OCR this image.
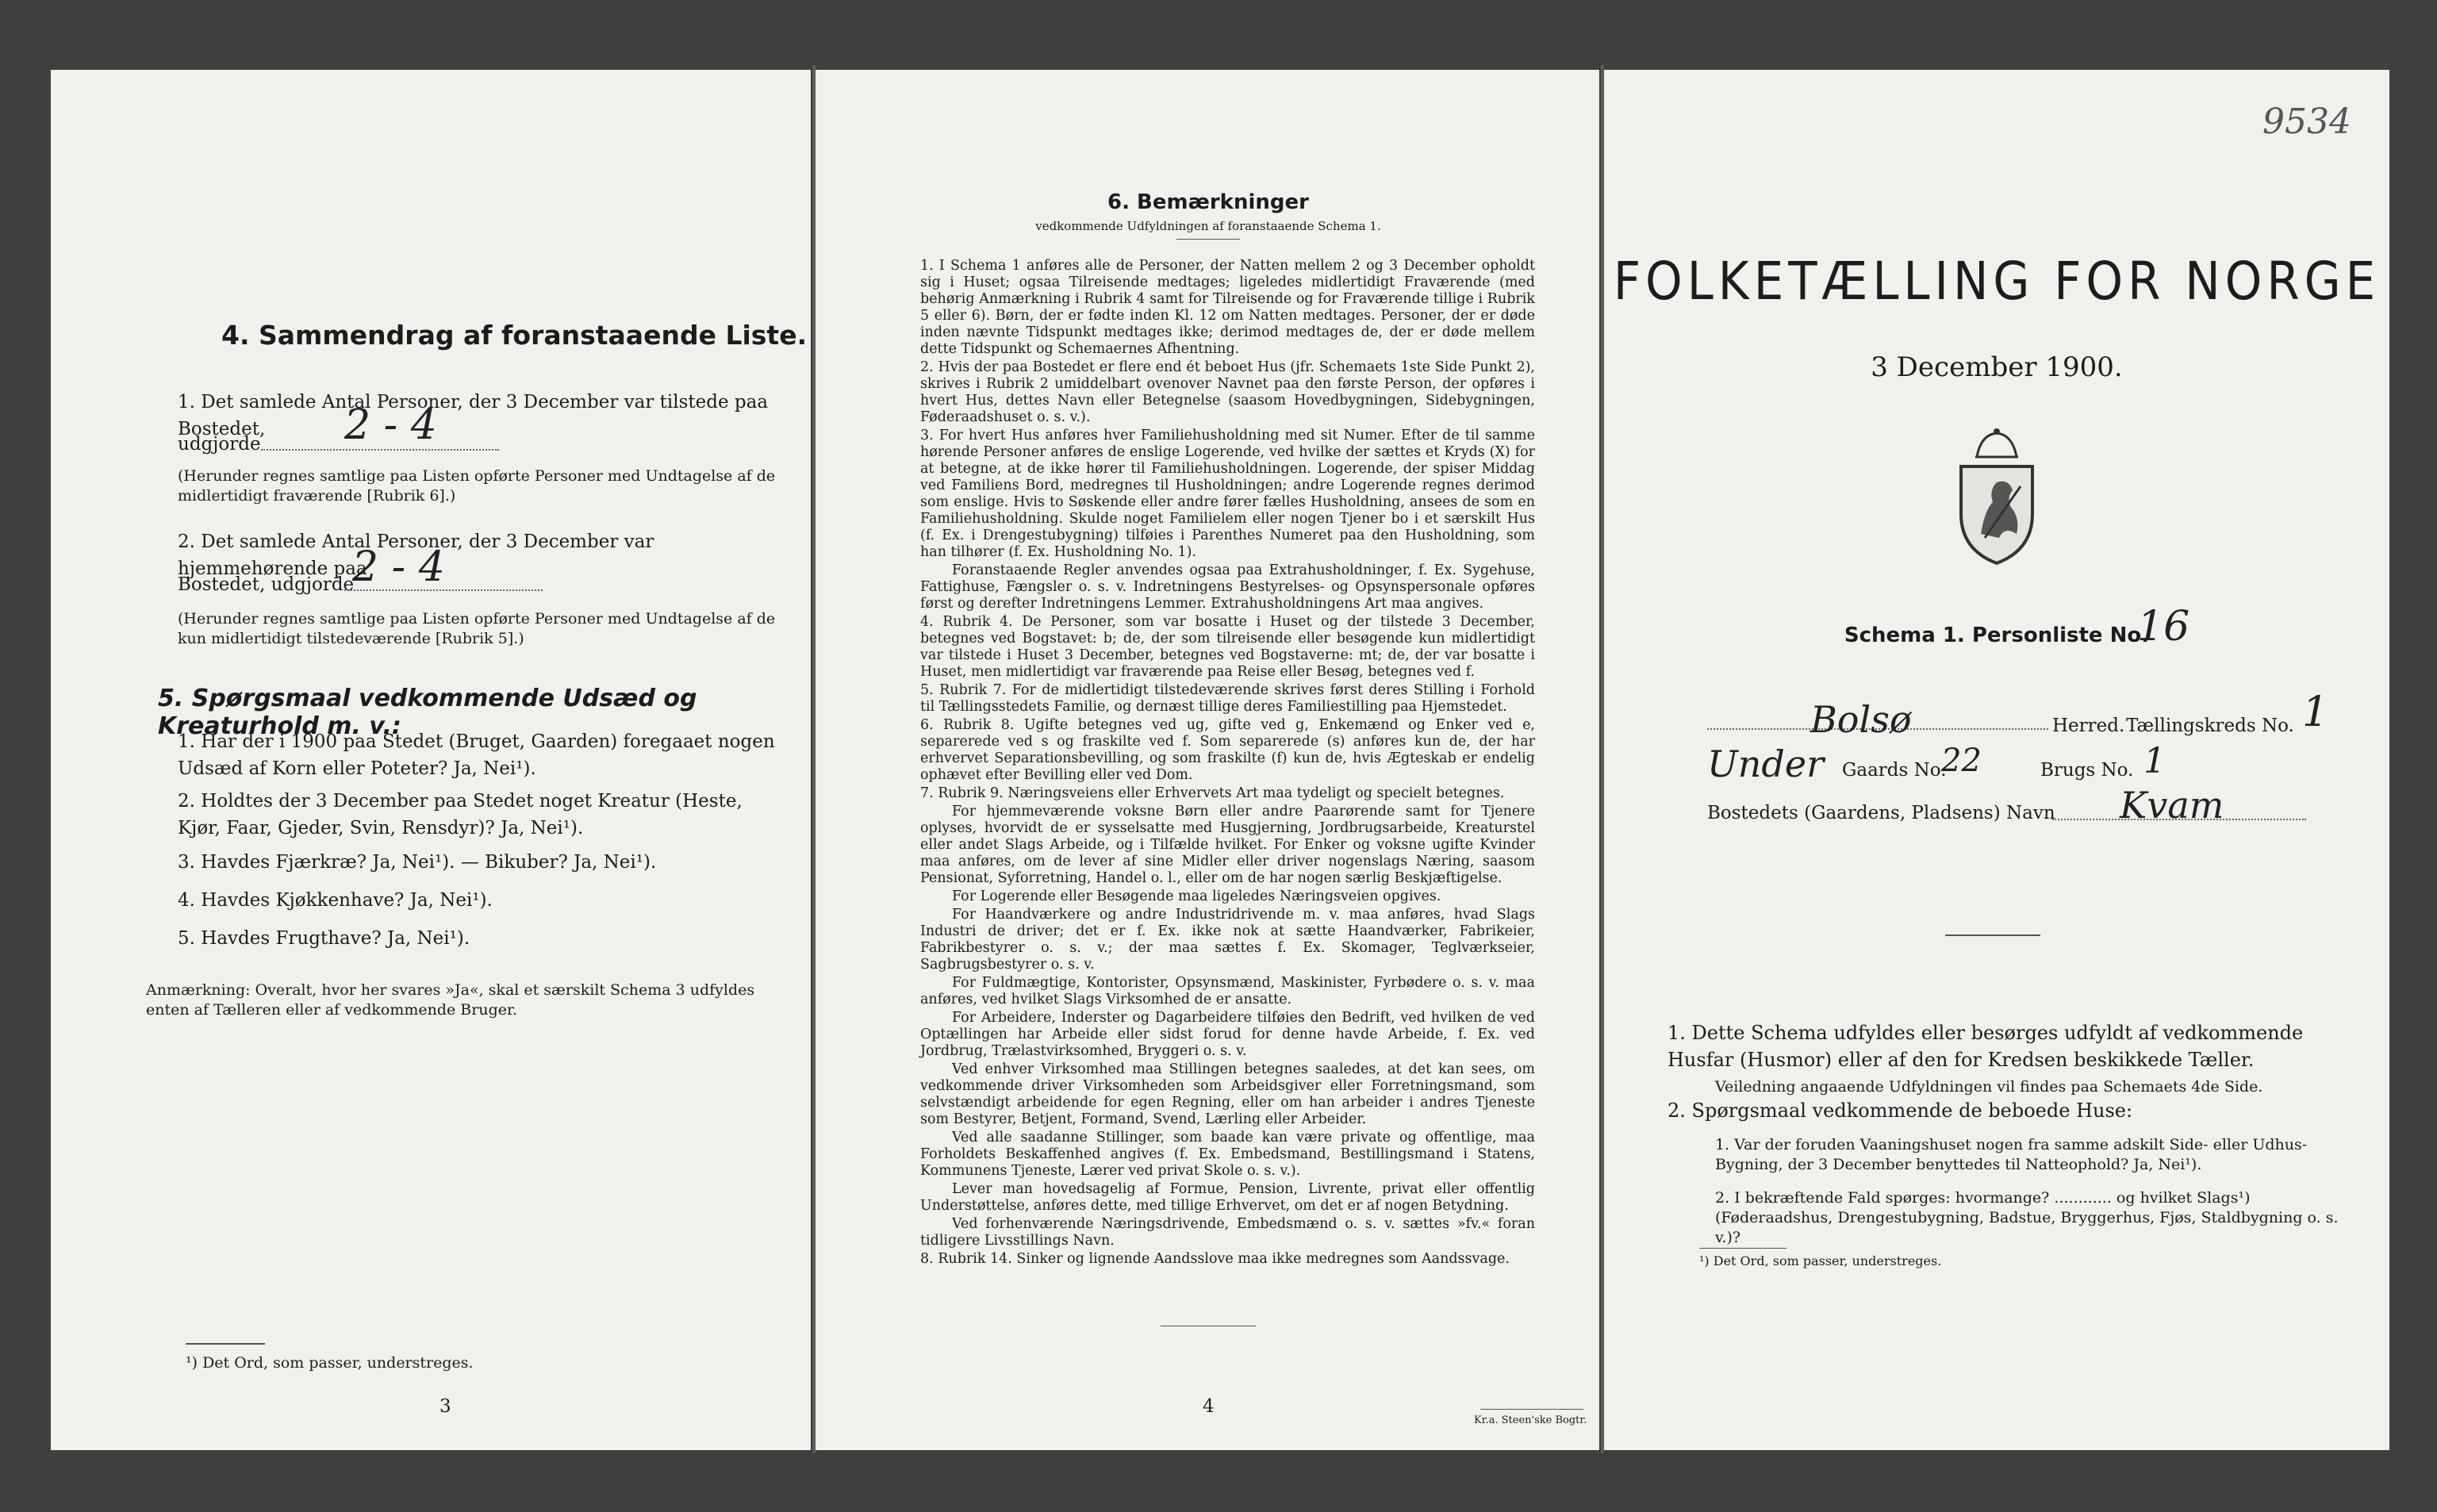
4. Sammendrag af foranstaaende Liste.
1. Det samlede Antal Personer, der 3 December var tilstede paa Bostedet,
udgjorde 2 - 4
(Herunder regnes samtlige paa Listen opførte Personer med Undtagelse af de midlertidigt fraværende [Rubrik 6].)
2. Det samlede Antal Personer, der 3 December var hjemmehørende paa
Bostedet, udgjorde
2 - 4
(Herunder regnes samtlige paa Listen opførte Personer med Undtagelse af de kun midlertidigt tilstedeværende [Rubrik 5].)
5. Spørgsmaal vedkommende Udsæd og Kreaturhold m. v.:
1. Har der i 1900 paa Stedet (Bruget, Gaarden) foregaaet nogen Udsæd af Korn eller Poteter? Ja, Nei¹).
2. Holdtes der 3 December paa Stedet noget Kreatur (Heste, Kjør, Faar, Gjeder, Svin, Rensdyr)? Ja, Nei¹).
3. Havdes Fjærkræ? Ja, Nei¹). — Bikuber? Ja, Nei¹).
4. Havdes Kjøkkenhave? Ja, Nei¹).
5. Havdes Frugthave? Ja, Nei¹).
Anmærkning: Overalt, hvor her svares »Ja«, skal et særskilt Schema 3 udfyldes enten af Tælleren eller af vedkommende Bruger.
¹) Det Ord, som passer, understreges.
3
6. Bemærkninger
vedkommende Udfyldningen af foranstaaende Schema 1.

1. I Schema 1 anføres alle de Personer, der Natten mellem 2 og 3 December opholdt sig i Huset; ogsaa Tilreisende medtages; ligeledes midlertidigt Fraværende (med behørig Anmærkning i Rubrik 4 samt for Tilreisende og for Fraværende tillige i Rubrik 5 eller 6). Børn, der er fødte inden Kl. 12 om Natten medtages. Personer, der er døde inden nævnte Tidspunkt medtages ikke; derimod medtages de, der er døde mellem dette Tidspunkt og Schemaernes Afhentning.

2. Hvis der paa Bostedet er flere end ét beboet Hus (jfr. Schemaets 1ste Side Punkt 2), skrives i Rubrik 2 umiddelbart ovenover Navnet paa den første Person, der opføres i hvert Hus, dettes Navn eller Betegnelse (saasom Hovedbygningen, Sidebygningen, Føderaadshuset o. s. v.).

3. For hvert Hus anføres hver Familiehusholdning med sit Numer. Efter de til samme hørende Personer anføres de enslige Logerende, ved hvilke der sættes et Kryds (X) for at betegne, at de ikke hører til Familiehusholdningen. Logerende, der spiser Middag ved Familiens Bord, medregnes til Husholdningen; andre Logerende regnes derimod som enslige. Hvis to Søskende eller andre fører fælles Husholdning, ansees de som en Familiehusholdning. Skulde noget Familielem eller nogen Tjener bo i et særskilt Hus (f. Ex. i Drengestubygning) tilføies i Parenthes Numeret paa den Husholdning, som han tilhører (f. Ex. Husholdning No. 1).

Foranstaaende Regler anvendes ogsaa paa Extrahusholdninger, f. Ex. Sygehuse, Fattighuse, Fængsler o. s. v. Indretningens Bestyrelses- og Opsynspersonale opføres først og derefter Indretningens Lemmer. Extrahusholdningens Art maa angives.

4. Rubrik 4. De Personer, som var bosatte i Huset og der tilstede 3 December, betegnes ved Bogstavet: b; de, der som tilreisende eller besøgende kun midlertidigt var tilstede i Huset 3 December, betegnes ved Bogstaverne: mt; de, der var bosatte i Huset, men midlertidigt var fraværende paa Reise eller Besøg, betegnes ved f.

5. Rubrik 7. For de midlertidigt tilstedeværende skrives først deres Stilling i Forhold til Tællingsstedets Familie, og dernæst tillige deres Familiestilling paa Hjemstedet.

6. Rubrik 8. Ugifte betegnes ved ug, gifte ved g, Enkemænd og Enker ved e, separerede ved s og fraskilte ved f. Som separerede (s) anføres kun de, der har erhvervet Separationsbevilling, og som fraskilte (f) kun de, hvis Ægteskab er endelig ophævet efter Bevilling eller ved Dom.

7. Rubrik 9. Næringsveiens eller Erhvervets Art maa tydeligt og specielt betegnes.

For hjemmeværende voksne Børn eller andre Paarørende samt for Tjenere oplyses, hvorvidt de er sysselsatte med Husgjerning, Jordbrugsarbeide, Kreaturstel eller andet Slags Arbeide, og i Tilfælde hvilket. For Enker og voksne ugifte Kvinder maa anføres, om de lever af sine Midler eller driver nogenslags Næring, saasom Pensionat, Syforretning, Handel o. l., eller om de har nogen særlig Beskjæftigelse.

For Logerende eller Besøgende maa ligeledes Næringsveien opgives.

For Haandværkere og andre Industridrivende m. v. maa anføres, hvad Slags Industri de driver; det er f. Ex. ikke nok at sætte Haandværker, Fabrikeier, Fabrikbestyrer o. s. v.; der maa sættes f. Ex. Skomager, Teglværkseier, Sagbrugsbestyrer o. s. v.

For Fuldmægtige, Kontorister, Opsynsmænd, Maskinister, Fyrbødere o. s. v. maa anføres, ved hvilket Slags Virksomhed de er ansatte.

For Arbeidere, Inderster og Dagarbeidere tilføies den Bedrift, ved hvilken de ved Optællingen har Arbeide eller sidst forud for denne havde Arbeide, f. Ex. ved Jordbrug, Trælastvirksomhed, Bryggeri o. s. v.

Ved enhver Virksomhed maa Stillingen betegnes saaledes, at det kan sees, om vedkommende driver Virksomheden som Arbeidsgiver eller Forretningsmand, som selvstændigt arbeidende for egen Regning, eller om han arbeider i andres Tjeneste som Bestyrer, Betjent, Formand, Svend, Lærling eller Arbeider.

Ved alle saadanne Stillinger, som baade kan være private og offentlige, maa Forholdets Beskaffenhed angives (f. Ex. Embedsmand, Bestillingsmand i Statens, Kommunens Tjeneste, Lærer ved privat Skole o. s. v.).

Lever man hovedsagelig af Formue, Pension, Livrente, privat eller offentlig Understøttelse, anføres dette, med tillige Erhvervet, om det er af nogen Betydning.

Ved forhenværende Næringsdrivende, Embedsmænd o. s. v. sættes »fv.« foran tidligere Livsstillings Navn.

8. Rubrik 14. Sinker og lignende Aandsslove maa ikke medregnes som Aandssvage.

4
Kr.a. Steen'ske Bogtr.
9534
FOLKETÆLLING FOR NORGE
3 December 1900.
Schema 1. Personliste No.
16
Bolsø	Herred. Tællingskreds No. 1
Under Gaards No.
22	Brugs No. 1
Bostedets (Gaardens, Pladsens) Navn Kvam
1. Dette Schema udfyldes eller besørges udfyldt af vedkommende Husfar (Husmor) eller af den for Kredsen beskikkede Tæller.
Veiledning angaaende Udfyldningen vil findes paa Schemaets 4de Side.
2. Spørgsmaal vedkommende de beboede Huse:
1. Var der foruden Vaaningshuset nogen fra samme adskilt Side- eller Udhus-Bygning, der 3 December benyttedes til Natteophold? Ja, Nei¹).
2. I bekræftende Fald spørges: hvormange? ............ og hvilket Slags¹) (Føderaadshus, Drengestubygning, Badstue, Bryggerhus, Fjøs, Staldbygning o. s. v.)?
¹) Det Ord, som passer, understreges.
